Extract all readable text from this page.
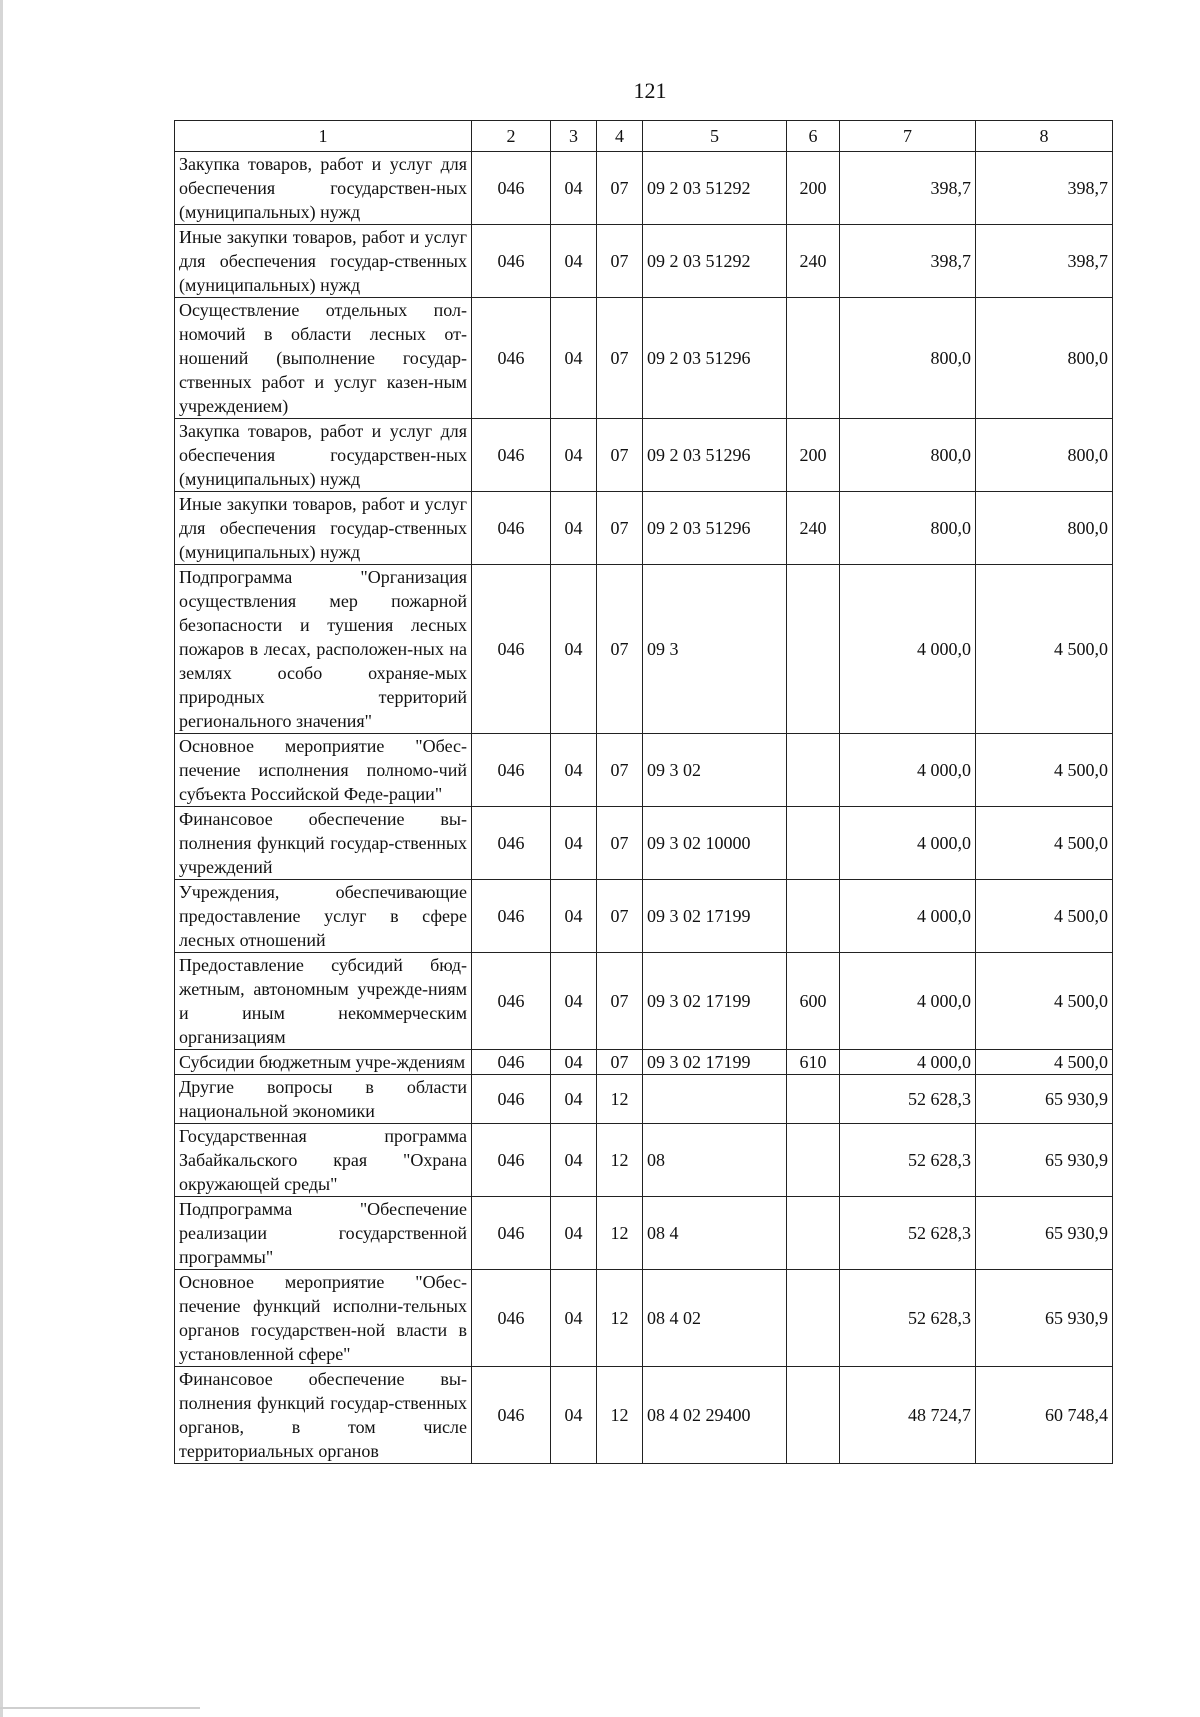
121
1	2	3	4	5	6	7	8
Закупка товаров, работ и услуг для обеспечения государствен-ных (муниципальных) нужд	046	04	07	09 2 03 51292	200	398,7	398,7
Иные закупки товаров, работ и услуг для обеспечения государ-ственных (муниципальных) нужд	046	04	07	09 2 03 51292	240	398,7	398,7
Осуществление отдельных пол-номочий в области лесных от-ношений (выполнение государ-ственных работ и услуг казен-ным учреждением)	046	04	07	09 2 03 51296		800,0	800,0
Закупка товаров, работ и услуг для обеспечения государствен-ных (муниципальных) нужд	046	04	07	09 2 03 51296	200	800,0	800,0
Иные закупки товаров, работ и услуг для обеспечения государ-ственных (муниципальных) нужд	046	04	07	09 2 03 51296	240	800,0	800,0
Подпрограмма "Организация осуществления мер пожарной безопасности и тушения лесных пожаров в лесах, расположен-ных на землях особо охраняе-мых природных территорий регионального значения"	046	04	07	09 3		4 000,0	4 500,0
Основное мероприятие "Обес-печение исполнения полномо-чий субъекта Российской Феде-рации"	046	04	07	09 3 02		4 000,0	4 500,0
Финансовое обеспечение вы-полнения функций государ-ственных учреждений	046	04	07	09 3 02 10000		4 000,0	4 500,0
Учреждения, обеспечивающие предоставление услуг в сфере лесных отношений	046	04	07	09 3 02 17199		4 000,0	4 500,0
Предоставление субсидий бюд-жетным, автономным учрежде-ниям и иным некоммерческим организациям	046	04	07	09 3 02 17199	600	4 000,0	4 500,0
Субсидии бюджетным учре-ждениям	046	04	07	09 3 02 17199	610	4 000,0	4 500,0
Другие вопросы в области национальной экономики	046	04	12			52 628,3	65 930,9
Государственная программа Забайкальского края "Охрана окружающей среды"	046	04	12	08		52 628,3	65 930,9
Подпрограмма "Обеспечение реализации государственной программы"	046	04	12	08 4		52 628,3	65 930,9
Основное мероприятие "Обес-печение функций исполни-тельных органов государствен-ной власти в установленной сфере"	046	04	12	08 4 02		52 628,3	65 930,9
Финансовое обеспечение вы-полнения функций государ-ственных органов, в том числе территориальных органов	046	04	12	08 4 02 29400		48 724,7	60 748,4
